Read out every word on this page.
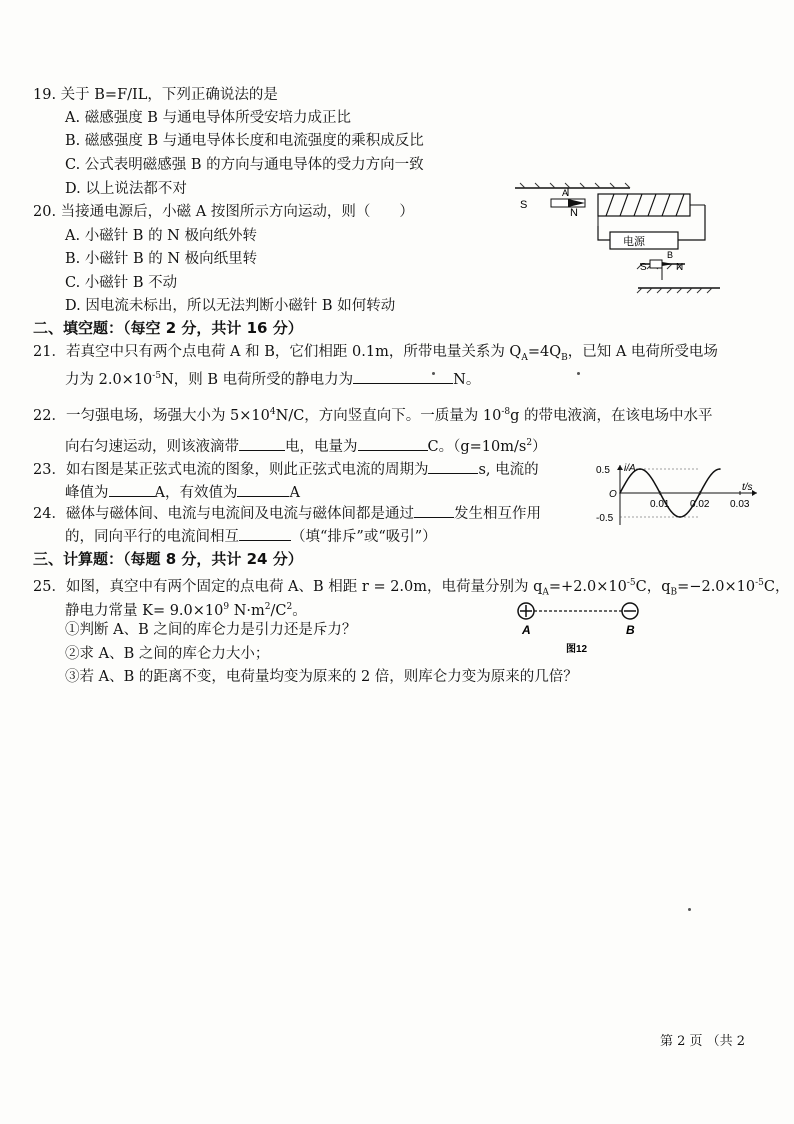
19. 关于 B=F/IL，下列正确说法的是
A. 磁感强度 B 与通电导体所受安培力成正比
B. 磁感强度 B 与通电导体长度和电流强度的乘积成反比
C. 公式表明磁感强 B 的方向与通电导体的受力方向一致
D. 以上说法都不对
20. 当接通电源后，小磁 A 按图所示方向运动，则（　　）
A. 小磁针 B 的 N 极向纸外转
B. 小磁针 B 的 N 极向纸里转
C. 小磁针 B 不动
D. 因电流未标出，所以无法判断小磁针 B 如何转动
S
A
N
电源
B
S	N
二、填空题：（每空 2 分，共计 16 分）
21．若真空中只有两个点电荷 A 和 B，它们相距 0.1m，所带电量关系为 $Q_A=4Q_B$，已知 A 电荷所受电场
力为 $2.0\times 10^{-5}N$，则 B 电荷所受的静电力为	N。
22．一匀强电场，场强大小为 $5\times 10^4N/C$，方向竖直向下。一质量为 $10^{-8}g$ 的带电液滴，在该电场中水平
向右匀速运动，则该液滴带	电，电量为	C。$(g=10m/s^2)$
23．如右图是某正弦式电流的图象，则此正弦式电流的周期为	s, 电流的
峰值为	A，有效值为	A
24．磁体与磁体间、电流与电流间及电流与磁体间都是通过	发生相互作用
的，同向平行的电流间相互	（填“排斥”或“吸引”）
i/A
t/s
O
0.5
-0.5
0.01 0.02 0.03
三、计算题：（每题 8 分，共计 24 分）
25．如图，真空中有两个固定的点电荷 A、B 相距 r = 2.0m，电荷量分别为 $q_A=+2.0\times 10^{-5}C$，$q_B=-2.0\times 10^{-5}C$，
静电力常量 $K= 9.0\times 10^9$ $N\cdot m^2/C^2$。
①判断 A、B 之间的库仑力是引力还是斥力？
②求 A、B 之间的库仑力大小；
③若 A、B 的距离不变，电荷量均变为原来的 2 倍，则库仑力变为原来的几倍？
A	B
图12
第 2 页 （共 2
